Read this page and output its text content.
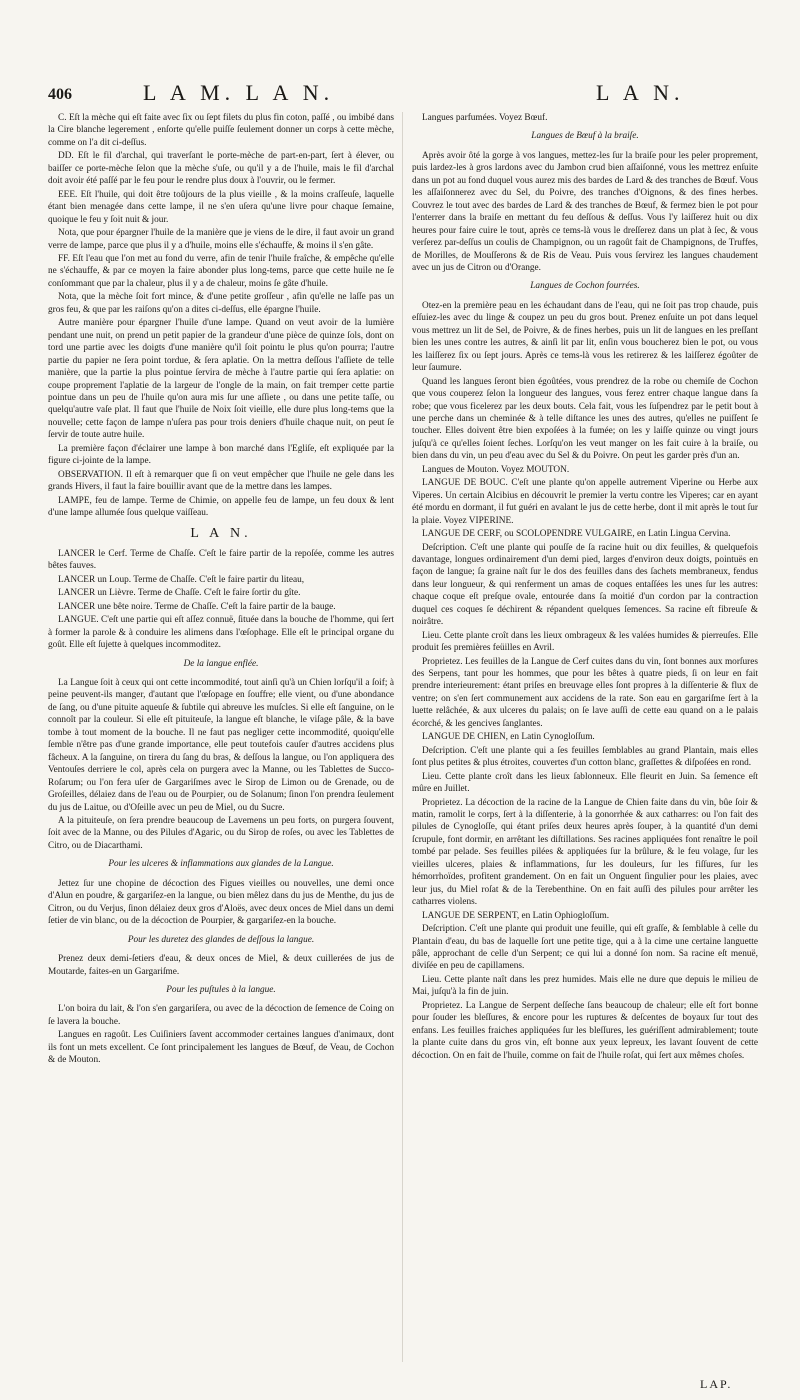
406	L A M. L A N.	L A N.

C. Eſt la mèche qui eſt faite avec ſix ou ſept filets du plus fin coton, paſſé , ou imbibé dans la Cire blanche legerement , enſorte qu'elle puiſſe ſeulement donner un corps à cette mèche, comme on l'a dit ci-deſſus.

DD. Eſt le fil d'archal, qui traverſant le porte-mèche de part-en-part, ſert à élever, ou baiſſer ce porte-mèche ſelon que la mèche s'uſe, ou qu'il y a de l'huile, mais le fil d'archal doit avoir été paſſé par le feu pour le rendre plus doux à l'ouvrir, ou le fermer.

EEE. Eſt l'huile, qui doit être toûjours de la plus vieille , & la moins craſſeuſe, laquelle étant bien menagée dans cette lampe, il ne s'en uſera qu'une livre pour chaque ſemaine, quoique le feu y ſoit nuit & jour.

Nota, que pour épargner l'huile de la manière que je viens de le dire, il faut avoir un grand verre de lampe, parce que plus il y a d'huile, moins elle s'échauffe, & moins il s'en gâte.

FF. Eſt l'eau que l'on met au fond du verre, afin de tenir l'huile fraîche, & empêche qu'elle ne s'échauffe, & par ce moyen la faire abonder plus long-tems, parce que cette huile ne ſe conſommant que par la chaleur, plus il y a de chaleur, moins ſe gâte d'huile.

Nota, que la mèche ſoit fort mince, & d'une petite groſſeur , afin qu'elle ne laſſe pas un gros feu, & que par les raiſons qu'on a dites ci-deſſus, elle épargne l'huile.

Autre manière pour épargner l'huile d'une lampe. Quand on veut avoir de la lumière pendant une nuit, on prend un petit papier de la grandeur d'une pièce de quinze ſols, dont on tord une partie avec les doigts d'une manière qu'il ſoit pointu le plus qu'on pourra; l'autre partie du papier ne ſera point tordue, & ſera aplatie. On la mettra deſſous l'aſſiete de telle manière, que la partie la plus pointue ſervira de mèche à l'autre partie qui ſera aplatie: on coupe proprement l'aplatie de la largeur de l'ongle de la main, on fait tremper cette partie pointue dans un peu de l'huile qu'on aura mis ſur une aſſiete , ou dans une petite taſſe, ou quelqu'autre vaſe plat. Il faut que l'huile de Noix ſoit vieille, elle dure plus long-tems que la nouvelle; cette façon de lampe n'uſera pas pour trois deniers d'huile chaque nuit, on peut ſe ſervir de toute autre huile.

La première façon d'éclairer une lampe à bon marché dans l'Egliſe, eſt expliquée par la figure ci-jointe de la lampe.

OBSERVATION. Il eſt à remarquer que ſi on veut empêcher que l'huile ne gele dans les grands Hivers, il faut la faire bouillir avant que de la mettre dans les lampes.

LAMPE, feu de lampe. Terme de Chimie, on appelle feu de lampe, un feu doux & lent d'une lampe allumée ſous quelque vaiſſeau.

L A N.

LANCER le Cerf. Terme de Chaſſe. C'eſt le faire partir de la repoſée, comme les autres bêtes fauves.

LANCER un Loup. Terme de Chaſſe. C'eſt le faire partir du liteau,

LANCER un Lièvre. Terme de Chaſſe. C'eſt le faire ſortir du gîte.

LANCER une bête noire. Terme de Chaſſe. C'eſt la faire partir de la bauge.

LANGUE. C'eſt une partie qui eſt aſſez connuë, ſituée dans la bouche de l'homme, qui ſert à former la parole & à conduire les alimens dans l'œſophage. Elle eſt le principal organe du goût. Elle eſt ſujette à quelques incommoditez.

De la langue enflée.

La Langue ſoit à ceux qui ont cette incommodité, tout ainſi qu'à un Chien lorſqu'il a ſoif; à peine peuvent-ils manger, d'autant que l'œſopage en ſouffre; elle vient, ou d'une abondance de ſang, ou d'une pituite aqueuſe & ſubtile qui abreuve les muſcles. Si elle eſt ſanguine, on le connoît par la couleur. Si elle eſt pituiteuſe, la langue eſt blanche, le viſage pâle, & la bave tombe à tout moment de la bouche. Il ne faut pas negliger cette incommodité, quoiqu'elle ſemble n'être pas d'une grande importance, elle peut toutefois cauſer d'autres accidens plus fâcheux. A la ſanguine, on tirera du ſang du bras, & deſſous la langue, ou l'on appliquera des Ventouſes derriere le col, après cela on purgera avec la Manne, ou les Tablettes de Succo-Roſarum; ou l'on fera uſer de Gargariſmes avec le Sirop de Limon ou de Grenade, ou de Groſeilles, délaiez dans de l'eau ou de Pourpier, ou de Solanum; ſinon l'on prendra ſeulement du jus de Laitue, ou d'Oſeille avec un peu de Miel, ou du Sucre.

A la pituiteuſe, on ſera prendre beaucoup de Lavemens un peu forts, on purgera ſouvent, ſoit avec de la Manne, ou des Pilules d'Agaric, ou du Sirop de roſes, ou avec les Tablettes de Citro, ou de Diacarthami.

Pour les ulceres & inflammations aux glandes de la Langue.

Jettez ſur une chopine de décoction des Figues vieilles ou nouvelles, une demi once d'Alun en poudre, & gargariſez-en la langue, ou bien mêlez dans du jus de Menthe, du jus de Citron, ou du Verjus, ſinon délaiez deux gros d'Aloës, avec deux onces de Miel dans un demi ſetier de vin blanc, ou de la décoction de Pourpier, & gargariſez-en la bouche.

Pour les duretez des glandes de deſſous la langue.

Prenez deux demi-ſetiers d'eau, & deux onces de Miel, & deux cuillerées de jus de Moutarde, faites-en un Gargariſme.

Pour les puſtules à la langue.

L'on boira du lait, & l'on s'en gargariſera, ou avec de la décoction de ſemence de Coing on ſe lavera la bouche.

Langues en ragoût. Les Cuiſiniers ſavent accommoder certaines langues d'animaux, dont ils font un mets excellent. Ce ſont principalement les langues de Bœuf, de Veau, de Cochon & de Mouton.

Langues parfumées. Voyez Bœuf.

Langues de Bœuf à la braiſe.

Après avoir ôté la gorge à vos langues, mettez-les ſur la braiſe pour les peler proprement, puis lardez-les à gros lardons avec du Jambon crud bien aſſaiſonné, vous les mettrez enſuite dans un pot au fond duquel vous aurez mis des bardes de Lard & des tranches de Bœuf. Vous les aſſaiſonnerez avec du Sel, du Poivre, des tranches d'Oignons, & des fines herbes. Couvrez le tout avec des bardes de Lard & des tranches de Bœuf, & fermez bien le pot pour l'enterrer dans la braiſe en mettant du feu deſſous & deſſus. Vous l'y laiſſerez huit ou dix heures pour faire cuire le tout, après ce tems-là vous le dreſſerez dans un plat à ſec, & vous verſerez par-deſſus un coulis de Champignon, ou un ragoût fait de Champignons, de Truffes, de Morilles, de Mouſſerons & de Ris de Veau. Puis vous ſervirez les langues chaudement avec un jus de Citron ou d'Orange.

Langues de Cochon fourrées.

Otez-en la première peau en les échaudant dans de l'eau, qui ne ſoit pas trop chaude, puis eſſuiez-les avec du linge & coupez un peu du gros bout. Prenez enſuite un pot dans lequel vous mettrez un lit de Sel, de Poivre, & de fines herbes, puis un lit de langues en les preſſant bien les unes contre les autres, & ainſi lit par lit, enſin vous boucherez bien le pot, ou vous les laiſſerez ſix ou ſept jours. Après ce tems-là vous les retirerez & les laiſſerez égoûter de leur ſaumure.

Quand les langues ſeront bien égoûtées, vous prendrez de la robe ou chemiſe de Cochon que vous couperez ſelon la longueur des langues, vous ferez entrer chaque langue dans ſa robe; que vous ficelerez par les deux bouts. Cela fait, vous les ſuſpendrez par le petit bout à une perche dans un cheminée & à telle diſtance les unes des autres, qu'elles ne puiſſent ſe toucher. Elles doivent être bien expoſées à la fumée; on les y laiſſe quinze ou vingt jours juſqu'à ce qu'elles ſoient ſeches. Lorſqu'on les veut manger on les fait cuire à la braiſe, ou bien dans du vin, un peu d'eau avec du Sel & du Poivre. On peut les garder près d'un an.

Langues de Mouton. Voyez MOUTON.

LANGUE DE BOUC. C'eſt une plante qu'on appelle autrement Viperine ou Herbe aux Viperes. Un certain Alcibius en découvrit le premier la vertu contre les Viperes; car en ayant été mordu en dormant, il fut guéri en avalant le jus de cette herbe, dont il mit après le tout ſur la plaie. Voyez VIPERINE.

LANGUE DE CERF, ou SCOLOPENDRE VULGAIRE, en Latin Lingua Cervina.

Deſcription. C'eſt une plante qui pouſſe de ſa racine huit ou dix feuilles, & quelquefois davantage, longues ordinairement d'un demi pied, larges d'environ deux doigts, pointuës en façon de langue; ſa graine naît ſur le dos des feuilles dans des ſachets membraneux, fendus dans leur longueur, & qui renferment un amas de coques entaſſées les unes ſur les autres: chaque coque eſt preſque ovale, entourée dans ſa moitié d'un cordon par la contraction duquel ces coques ſe déchirent & répandent quelques ſemences. Sa racine eſt fibreuſe & noirâtre.

Lieu. Cette plante croît dans les lieux ombrageux & les valées humides & pierreuſes. Elle produit ſes premières feüilles en Avril.

Proprietez. Les feuilles de la Langue de Cerf cuites dans du vin, ſont bonnes aux morſures des Serpens, tant pour les hommes, que pour les bêtes à quatre pieds, ſi on leur en fait prendre interieurement: étant priſes en breuvage elles ſont propres à la diſſenterie & flux de ventre; on s'en ſert communement aux accidens de la rate. Son eau en gargariſme ſert à la luette relâchée, & aux ulceres du palais; on ſe lave auſſi de cette eau quand on a le palais écorché, & les gencives ſanglantes.

LANGUE DE CHIEN, en Latin Cynogloſſum.

Deſcription. C'eſt une plante qui a ſes feuilles ſemblables au grand Plantain, mais elles ſont plus petites & plus étroites, couvertes d'un cotton blanc, graſſettes & diſpoſées en rond.

Lieu. Cette plante croît dans les lieux ſablonneux. Elle fleurit en Juin. Sa ſemence eſt mûre en Juillet.

Proprietez. La décoction de la racine de la Langue de Chien faite dans du vin, bûe ſoir & matin, ramolit le corps, ſert à la diſſenterie, à la gonorrhée & aux catharres: ou l'on fait des pilules de Cynogloſſe, qui étant priſes deux heures après ſouper, à la quantité d'un demi ſcrupule, font dormir, en arrêtant les diſtillations. Ses racines appliquées font renaître le poil tombé par pelade. Ses feuilles pilées & appliquées ſur la brûlure, & le feu volage, ſur les vieilles ulceres, plaies & inflammations, ſur les douleurs, ſur les fiſſures, ſur les hémorrhoïdes, profitent grandement. On en fait un Onguent ſingulier pour les plaies, avec leur jus, du Miel roſat & de la Terebenthine. On en fait auſſi des pilules pour arrêter les catharres violens.

LANGUE DE SERPENT, en Latin Ophiogloſſum.

Deſcription. C'eſt une plante qui produit une feuille, qui eſt graſſe, & ſemblable à celle du Plantain d'eau, du bas de laquelle ſort une petite tige, qui a à la cime une certaine languette pâle, approchant de celle d'un Serpent; ce qui lui a donné ſon nom. Sa racine eſt menuë, diviſée en peu de capillamens.

Lieu. Cette plante naît dans les prez humides. Mais elle ne dure que depuis le milieu de Mai, juſqu'à la fin de juin.

Proprietez. La Langue de Serpent deſſeche ſans beaucoup de chaleur; elle eſt fort bonne pour ſouder les bleſſures, & encore pour les ruptures & deſcentes de boyaux ſur tout des enfans. Les feuilles fraiches appliquées ſur les bleſſures, les guériſſent admirablement; toute la plante cuite dans du gros vin, eſt bonne aux yeux lepreux, les lavant ſouvent de cette décoction. On en fait de l'huile, comme on fait de l'huile roſat, qui ſert aux mêmes choſes.

LAP.
